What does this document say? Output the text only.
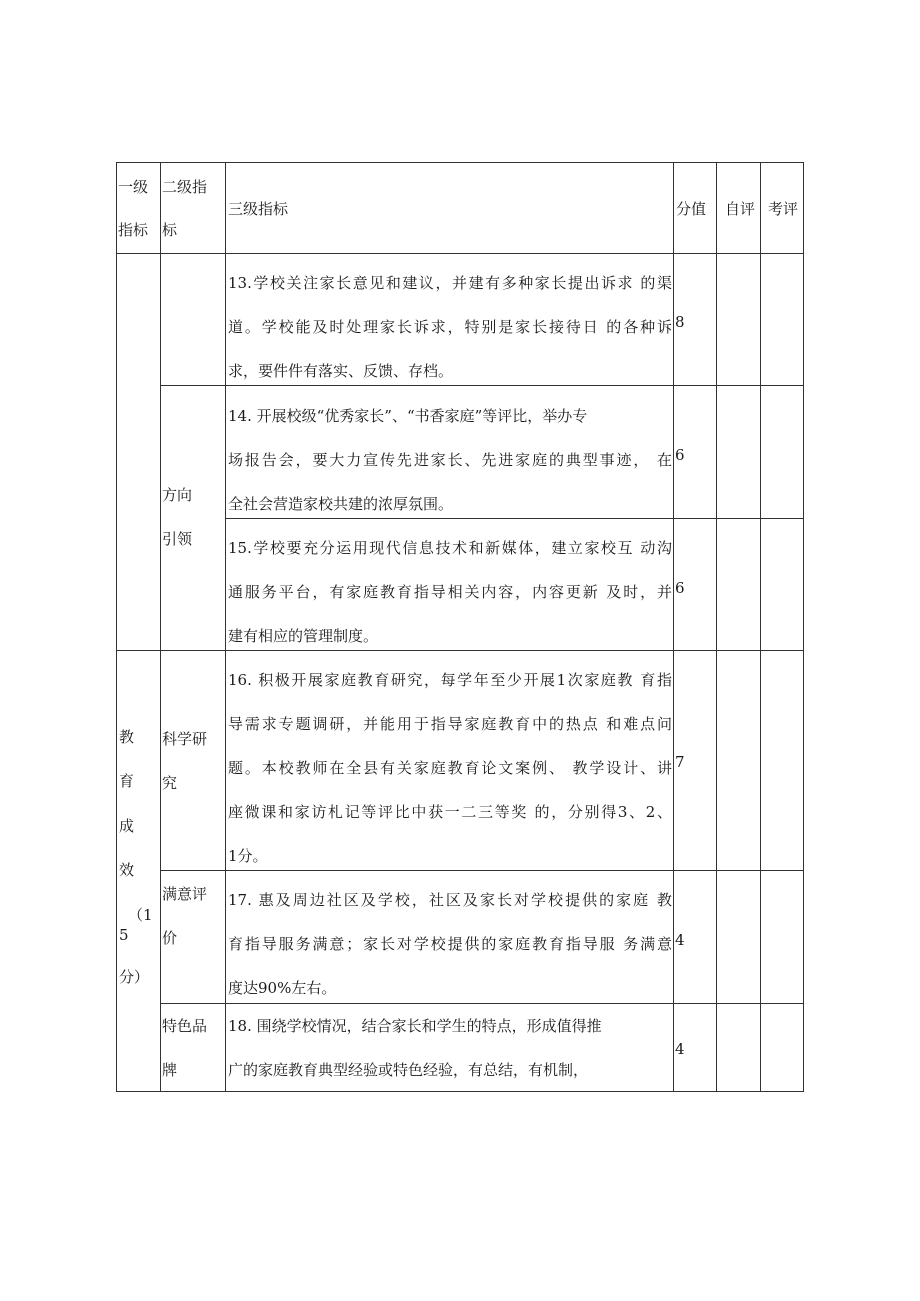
一级
指标
二级指
标
三级指标	分值 自评 考评
教
育
成
效
（1
5
分）
方向
引领
科学研
究
满意评
价
特色品
牌
13.学校关注家长意见和建议，并建有多种家长提出诉求 的渠
道。学校能及时处理家长诉求，特别是家长接待日 的各种诉
求，要件件有落实、反馈、存档。
14. 开展校级“优秀家长”、“书香家庭”等评比，举办专
场报告会，要大力宣传先进家长、先进家庭的典型事迹， 在
全社会营造家校共建的浓厚氛围。
15.学校要充分运用现代信息技术和新媒体，建立家校互 动沟
通服务平台，有家庭教育指导相关内容，内容更新 及时，并
建有相应的管理制度。
16. 积极开展家庭教育研究，每学年至少开展1次家庭教 育指
导需求专题调研，并能用于指导家庭教育中的热点 和难点问
题。本校教师在全县有关家庭教育论文案例、 教学设计、讲
座微课和家访札记等评比中获一二三等奖 的，分别得3、2、
1分。
17. 惠及周边社区及学校，社区及家长对学校提供的家庭 教
育指导服务满意；家长对学校提供的家庭教育指导服 务满意
度达90%左右。
18. 围绕学校情况，结合家长和学生的特点，形成值得推
广的家庭教育典型经验或特色经验，有总结，有机制，
8
6
6
7
4
4
